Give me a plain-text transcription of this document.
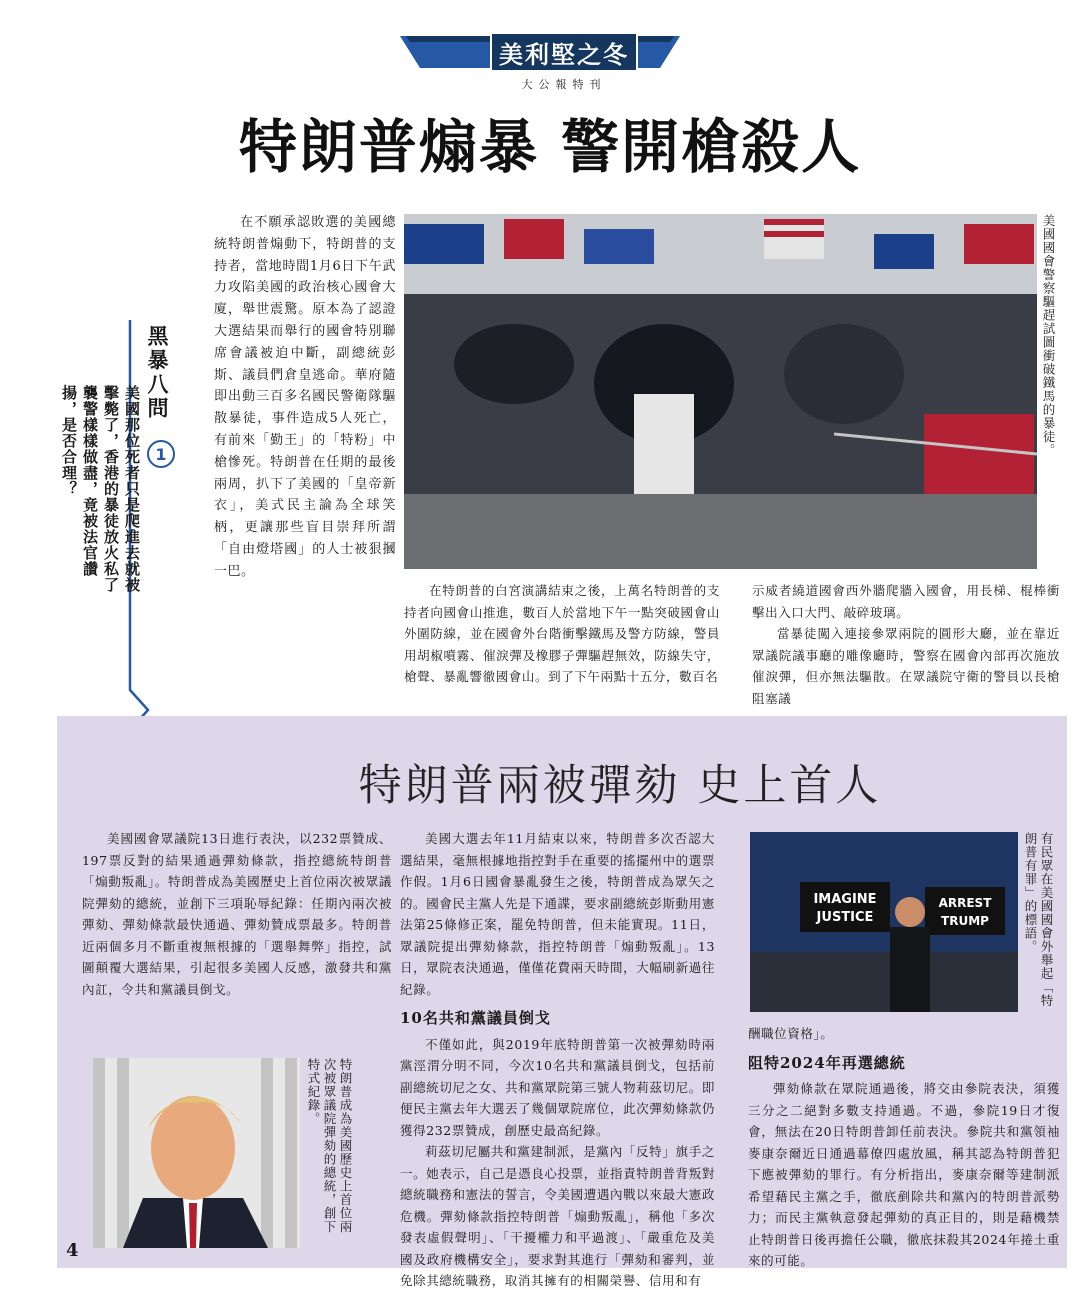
美利堅之冬
大公報特刊
特朗普煽暴 警開槍殺人
黑暴八問
1
美國那位死者只是爬進去就被擊斃了，香港的暴徒放火私了襲警樣樣做盡，竟被法官讚揚，是否合理？
在不願承認敗選的美國總統特朗普煽動下，特朗普的支持者，當地時間1月6日下午武力攻陷美國的政治核心國會大廈，舉世震驚。原本為了認證大選結果而舉行的國會特別聯席會議被迫中斷，副總統彭斯、議員們倉皇逃命。華府隨即出動三百多名國民警衛隊驅散暴徒，事件造成5人死亡，有前來「勤王」的「特粉」中槍慘死。特朗普在任期的最後兩周，扒下了美國的「皇帝新衣」，美式民主論為全球笑柄，更讓那些盲目崇拜所謂「自由燈塔國」的人士被狠摑一巴。
美國國會警察驅趕試圖衝破鐵馬的暴徒。
在特朗普的白宮演講結束之後，上萬名特朗普的支持者向國會山推進，數百人於當地下午一點突破國會山外圍防線，並在國會外台階衝擊鐵馬及警方防線，警員用胡椒噴霧、催淚彈及橡膠子彈驅趕無效，防線失守，槍聲、暴亂響徹國會山。到了下午兩點十五分，數百名
示威者繞道國會西外牆爬牆入國會，用長梯、棍棒衝擊出入口大門、敲碎玻璃。
當暴徒闖入連接參眾兩院的圓形大廳，並在靠近眾議院議事廳的雕像廳時，警察在國會內部再次施放催淚彈，但亦無法驅散。在眾議院守衛的警員以長槍阻塞議
特朗普兩被彈劾 史上首人
美國國會眾議院13日進行表決，以232票贊成、197票反對的結果通過彈劾條款，指控總統特朗普「煽動叛亂」。特朗普成為美國歷史上首位兩次被眾議院彈劾的總統，並創下三項恥辱紀錄：任期內兩次被彈劾、彈劾條款最快通過、彈劾贊成票最多。特朗普近兩個多月不斷重複無根據的「選舉舞弊」指控，試圖顛覆大選結果，引起很多美國人反感，激發共和黨內訌，令共和黨議員倒戈。
特朗普成為美國歷史上首位兩次被眾議院彈劾的總統，創下特式紀錄。
美國大選去年11月結束以來，特朗普多次否認大選結果，毫無根據地指控對手在重要的搖擺州中的選票作假。1月6日國會暴亂發生之後，特朗普成為眾矢之的。國會民主黨人先是下通諜，要求副總統彭斯動用憲法第25條修正案，罷免特朗普，但未能實現。11日，眾議院提出彈劾條款，指控特朗普「煽動叛亂」。13日，眾院表決通過，僅僅花費兩天時間，大幅刷新過往紀錄。
10名共和黨議員倒戈
不僅如此，與2019年底特朗普第一次被彈劾時兩黨涇渭分明不同，今次10名共和黨議員倒戈，包括前副總統切尼之女、共和黨眾院第三號人物莉茲切尼。即便民主黨去年大選丟了幾個眾院席位，此次彈劾條款仍獲得232票贊成，創歷史最高紀錄。
莉茲切尼屬共和黨建制派，是黨內「反特」旗手之一。她表示，自己是憑良心投票，並指責特朗普背叛對總統職務和憲法的誓言，令美國遭遇內戰以來最大憲政危機。彈劾條款指控特朗普「煽動叛亂」，稱他「多次發表虛假聲明」、「干擾權力和平過渡」、「嚴重危及美國及政府機構安全」，要求對其進行「彈劾和審判，並免除其總統職務，取消其擁有的相關榮譽、信用和有
IMAGINE
JUSTICE
ARREST
TRUMP	有民眾在美國國會外舉起「特朗普有罪」的標語。
酬職位資格」。
阻特2024年再選總統
彈劾條款在眾院通過後，將交由參院表決，須獲三分之二絕對多數支持通過。不過，參院19日才復會，無法在20日特朗普卸任前表決。參院共和黨領袖麥康奈爾近日通過幕僚四處放風，稱其認為特朗普犯下應被彈劾的罪行。有分析指出，麥康奈爾等建制派希望藉民主黨之手，徹底剷除共和黨內的特朗普派勢力；而民主黨執意發起彈劾的真正目的，則是藉機禁止特朗普日後再擔任公職，徹底抹殺其2024年捲土重來的可能。
4
